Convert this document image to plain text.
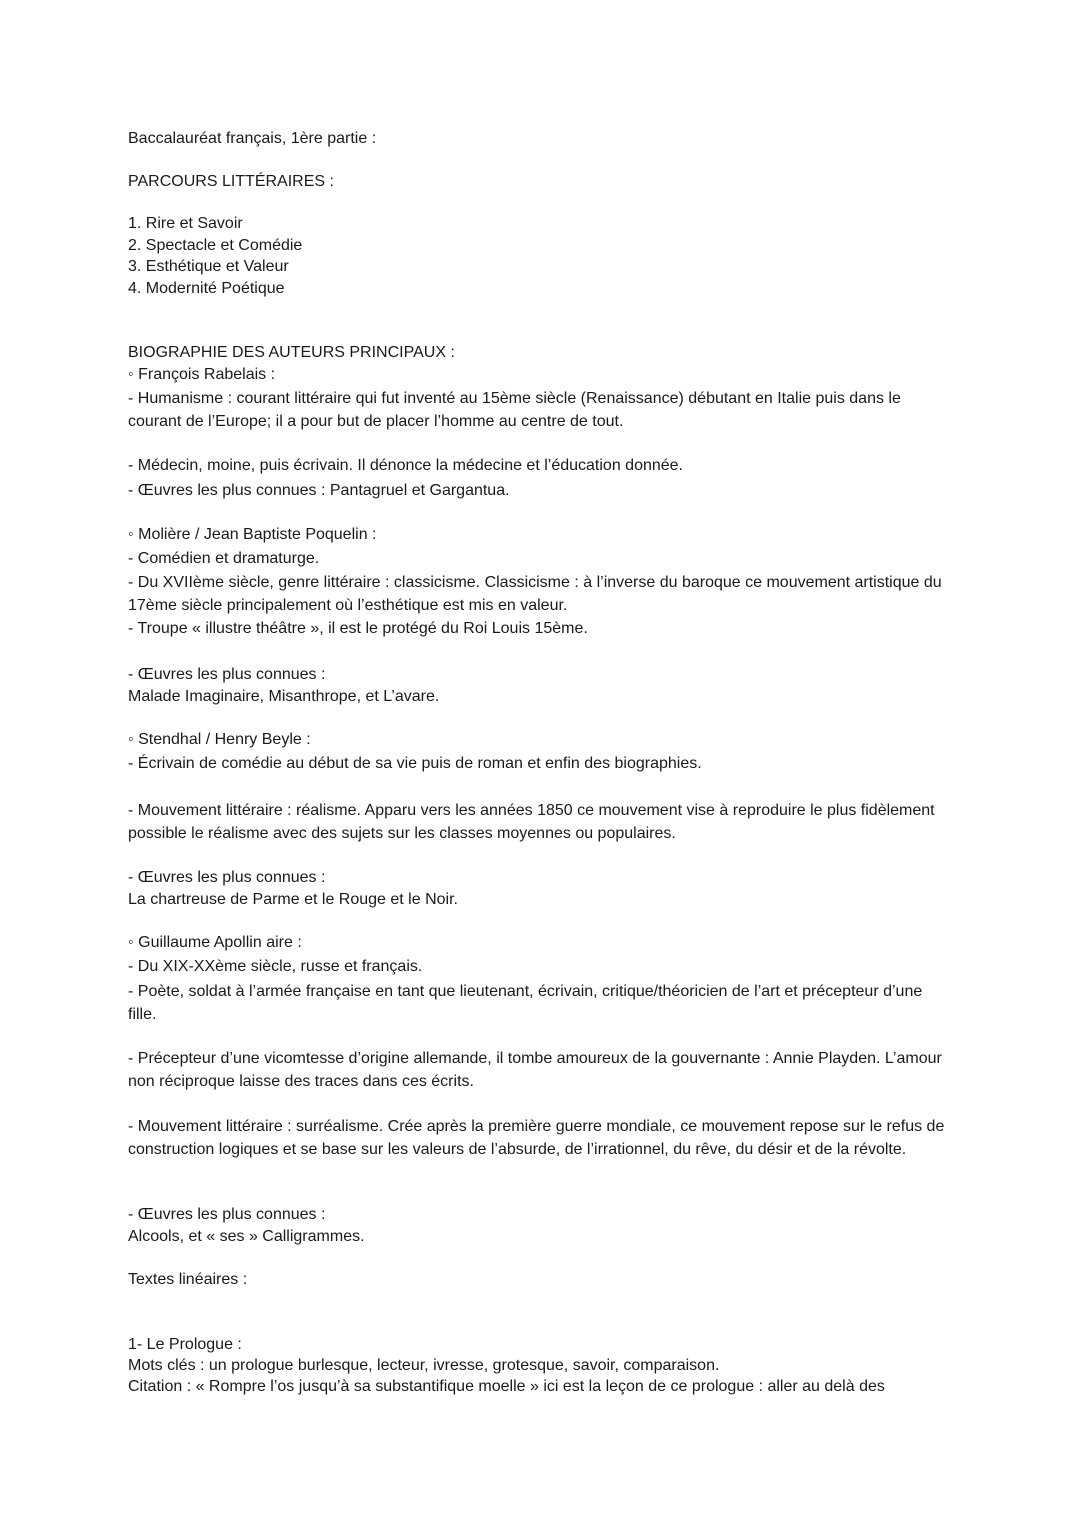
Baccalauréat français, 1ère partie :
PARCOURS LITTÉRAIRES :
1. Rire et Savoir
2. Spectacle et Comédie
3. Esthétique et Valeur
4. Modernité Poétique
BIOGRAPHIE DES AUTEURS PRINCIPAUX :
◦ François Rabelais :
- Humanisme : courant littéraire qui fut inventé au 15ème siècle (Renaissance) débutant en Italie puis dans le courant de l’Europe; il a pour but de placer l’homme au centre de tout.
- Médecin, moine, puis écrivain. Il dénonce la médecine et l’éducation donnée.
- Œuvres les plus connues : Pantagruel et Gargantua.
◦ Molière / Jean Baptiste Poquelin :
- Comédien et dramaturge.
- Du XVIIème siècle, genre littéraire : classicisme. Classicisme : à l’inverse du baroque ce mouvement artistique du 17ème siècle principalement où l’esthétique est mis en valeur.
- Troupe « illustre théâtre », il est le protégé du Roi Louis 15ème.
- Œuvres les plus connues :
Malade Imaginaire, Misanthrope, et L’avare.
◦ Stendhal / Henry Beyle :
- Écrivain de comédie au début de sa vie puis de roman et enfin des biographies.
- Mouvement littéraire : réalisme. Apparu vers les années 1850 ce mouvement vise à reproduire le plus fidèlement possible le réalisme avec des sujets sur les classes moyennes ou populaires.
- Œuvres les plus connues :
La chartreuse de Parme et le Rouge et le Noir.
◦ Guillaume Apollin aire :
- Du XIX-XXème siècle, russe et français.
- Poète, soldat à l’armée française en tant que lieutenant, écrivain, critique/théoricien de l’art et précepteur d’une fille.
- Précepteur d’une vicomtesse d’origine allemande, il tombe amoureux de la gouvernante : Annie Playden. L’amour non réciproque laisse des traces dans ces écrits.
- Mouvement littéraire : surréalisme. Crée après la première guerre mondiale, ce mouvement repose sur le refus de construction logiques et se base sur les valeurs de l’absurde, de l’irrationnel, du rêve, du désir et de la révolte.
- Œuvres les plus connues :
Alcools, et « ses » Calligrammes.
Textes linéaires :
1- Le Prologue :
Mots clés : un prologue burlesque, lecteur, ivresse, grotesque, savoir, comparaison.
Citation : « Rompre l’os jusqu’à sa substantifique moelle » ici est la leçon de ce prologue : aller au delà des
